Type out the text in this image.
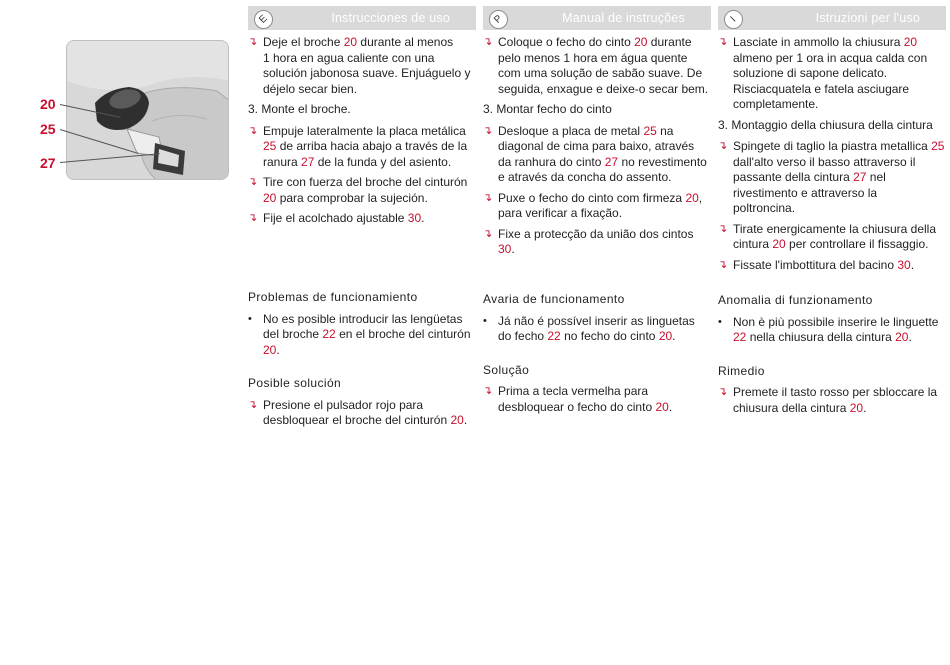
20
25
27
E	Instrucciones de uso
↴ Deje el broche 20 durante al menos
1 hora en agua caliente con una
solución jabonosa suave. Enjuáguelo y
déjelo secar bien.
3. Monte el broche.
↴ Empuje lateralmente la placa metálica
25 de arriba hacia abajo a través de la
ranura 27 de la funda y del asiento.
↴ Tire con fuerza del broche del cinturón
20 para comprobar la sujeción.
↴ Fije el acolchado ajustable 30.
Problemas de funcionamiento
• No es posible introducir las lengüetas
del broche 22 en el broche del cinturón
20.
Posible solución
↴ Presione el pulsador rojo para
desbloquear el broche del cinturón 20.
P	Manual de instruções
↴ Coloque o fecho do cinto 20 durante
pelo menos 1 hora em água quente
com uma solução de sabão suave. De
seguida, enxague e deixe-o secar bem.
3. Montar fecho do cinto
↴ Desloque a placa de metal 25 na
diagonal de cima para baixo, através
da ranhura do cinto 27 no revestimento
e através da concha do assento.
↴ Puxe o fecho do cinto com firmeza 20,
para verificar a fixação.
↴ Fixe a protecção da união dos cintos
30.
Avaria de funcionamento
• Já não é possível inserir as linguetas
do fecho 22 no fecho do cinto 20.
Solução
↴ Prima a tecla vermelha para
desbloquear o fecho do cinto 20.
I	Istruzioni per l'uso
↴ Lasciate in ammollo la chiusura 20
almeno per 1 ora in acqua calda con
soluzione di sapone delicato.
Risciacquatela e fatela asciugare
completamente.
3. Montaggio della chiusura della cintura
↴ Spingete di taglio la piastra metallica 25
dall'alto verso il basso attraverso il
passante della cintura 27 nel
rivestimento e attraverso la
poltroncina.
↴ Tirate energicamente la chiusura della
cintura 20 per controllare il fissaggio.
↴ Fissate l'imbottitura del bacino 30.
Anomalia di funzionamento
• Non è più possibile inserire le linguette
22 nella chiusura della cintura 20.
Rimedio
↴ Premete il tasto rosso per sbloccare la
chiusura della cintura 20.
